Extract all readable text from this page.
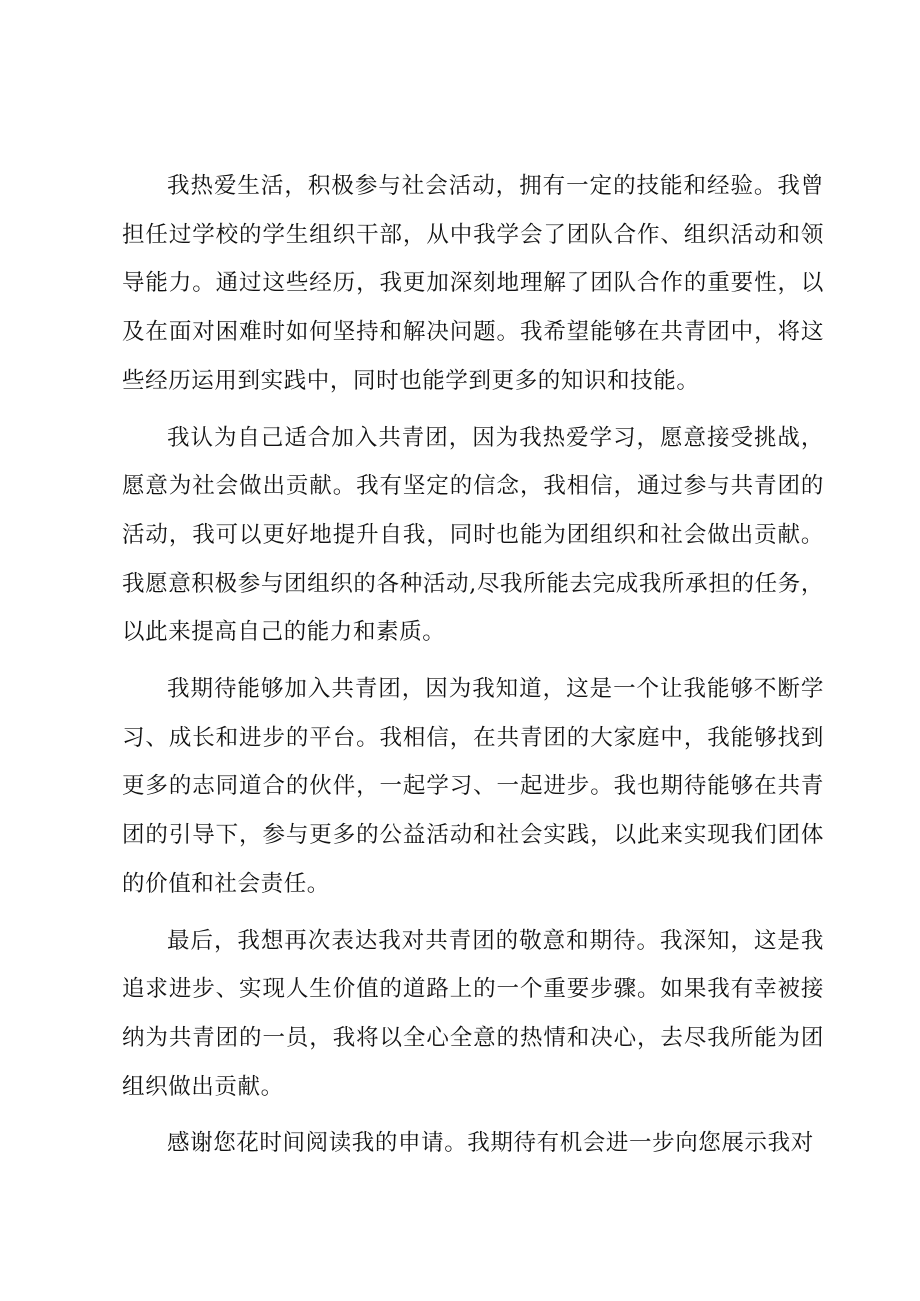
我热爱生活，积极参与社会活动，拥有一定的技能和经验。我曾担任过学校的学生组织干部，从中我学会了团队合作、组织活动和领导能力。通过这些经历，我更加深刻地理解了团队合作的重要性，以及在面对困难时如何坚持和解决问题。我希望能够在共青团中，将这些经历运用到实践中，同时也能学到更多的知识和技能。

我认为自己适合加入共青团，因为我热爱学习，愿意接受挑战，愿意为社会做出贡献。我有坚定的信念，我相信，通过参与共青团的活动，我可以更好地提升自我，同时也能为团组织和社会做出贡献。我愿意积极参与团组织的各种活动,尽我所能去完成我所承担的任务，以此来提高自己的能力和素质。

我期待能够加入共青团，因为我知道，这是一个让我能够不断学习、成长和进步的平台。我相信，在共青团的大家庭中，我能够找到更多的志同道合的伙伴，一起学习、一起进步。我也期待能够在共青团的引导下，参与更多的公益活动和社会实践，以此来实现我们团体的价值和社会责任。

最后，我想再次表达我对共青团的敬意和期待。我深知，这是我追求进步、实现人生价值的道路上的一个重要步骤。如果我有幸被接纳为共青团的一员，我将以全心全意的热情和决心，去尽我所能为团组织做出贡献。

感谢您花时间阅读我的申请。我期待有机会进一步向您展示我对
